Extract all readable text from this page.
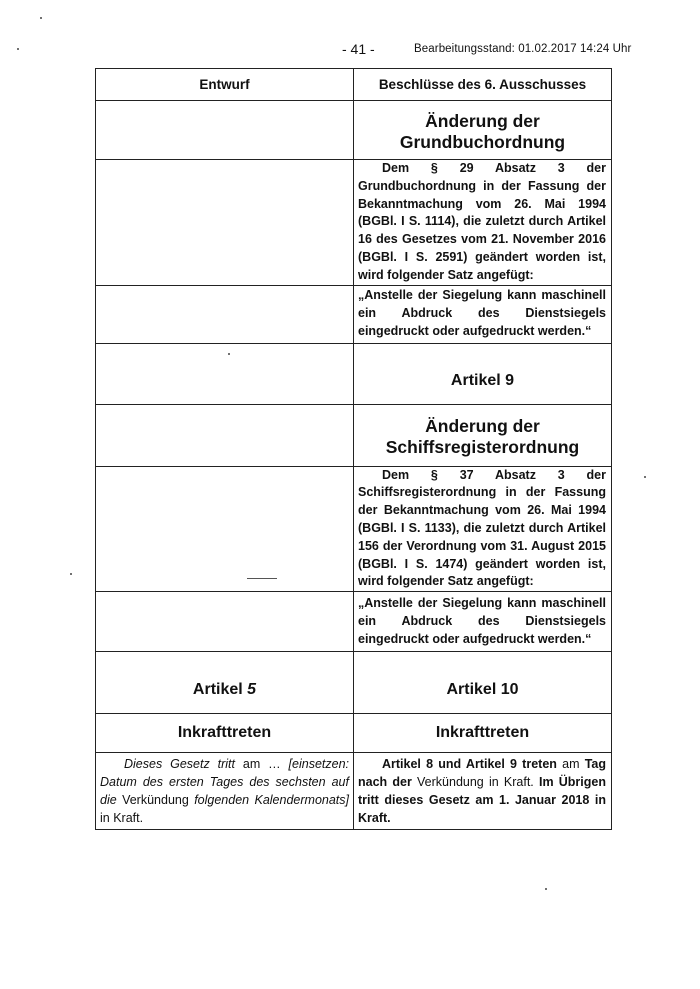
- 41 -	Bearbeitungsstand: 01.02.2017 14:24 Uhr
Entwurf	Beschlüsse des 6. Ausschusses

	Änderung der Grundbuchordnung

	Dem § 29 Absatz 3 der Grundbuchordnung in der Fassung der Bekanntmachung vom 26. Mai 1994 (BGBl. I S. 1114), die zuletzt durch Artikel 16 des Gesetzes vom 21. November 2016 (BGBl. I S. 2591) geändert worden ist, wird folgender Satz angefügt:

	„Anstelle der Siegelung kann maschinell ein Abdruck des Dienstsiegels eingedruckt oder aufgedruckt werden.“

	Artikel 9

	Änderung der Schiffsregisterordnung

	Dem § 37 Absatz 3 der Schiffsregisterordnung in der Fassung der Bekanntmachung vom 26. Mai 1994 (BGBl. I S. 1133), die zuletzt durch Artikel 156 der Verordnung vom 31. August 2015 (BGBl. I S. 1474) geändert worden ist, wird folgender Satz angefügt:

	„Anstelle der Siegelung kann maschinell ein Abdruck des Dienstsiegels eingedruckt oder aufgedruckt werden.“

Artikel 5	Artikel 10

Inkrafttreten	Inkrafttreten

Dieses Gesetz tritt am … [einsetzen: Datum des ersten Tages des sechsten auf die Verkündung folgenden Kalendermonats] in Kraft.	Artikel 8 und Artikel 9 treten am Tag nach der Verkündung in Kraft. Im Übrigen tritt dieses Gesetz am 1. Januar 2018 in Kraft.
